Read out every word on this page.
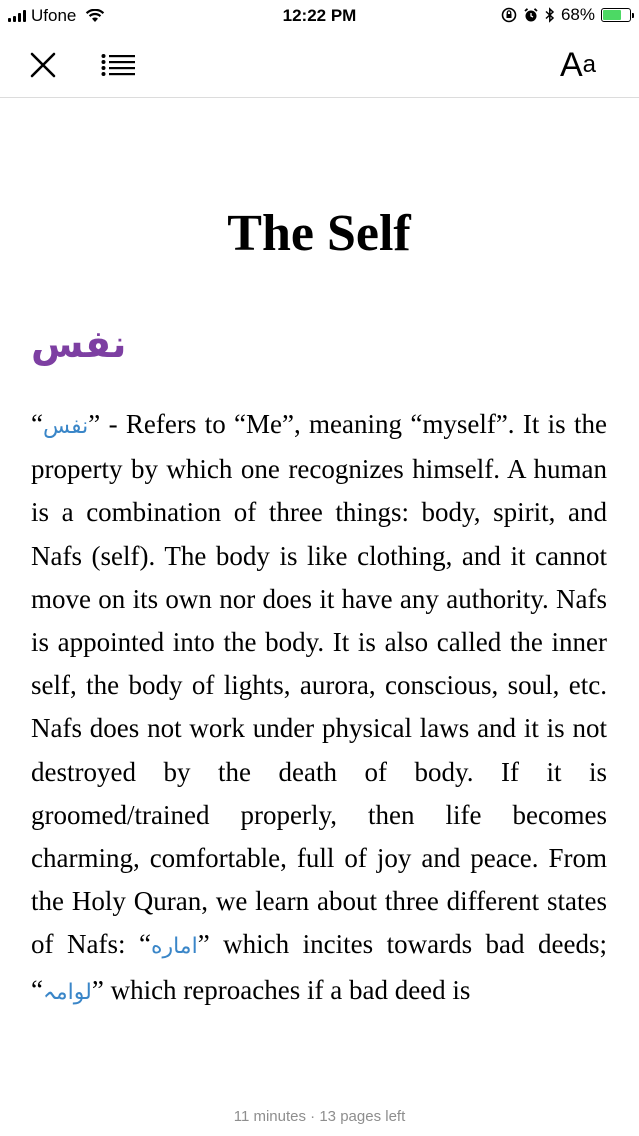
Ufone	12:22 PM	68%
A a
The Self
نفس

“نفس” - Refers to “Me”, meaning “myself”. It is the property by which one recognizes himself. A human is a combination of three things: body, spirit, and Nafs (self). The body is like clothing, and it cannot move on its own nor does it have any authority. Nafs is appointed into the body. It is also called the inner self, the body of lights, aurora, conscious, soul, etc. Nafs does not work under physical laws and it is not destroyed by the death of body. If it is groomed/trained properly, then life becomes charming, comfortable, full of joy and peace. From the Holy Quran, we learn about three different states of Nafs: “اماره” which incites towards bad deeds; “لوامہ” which reproaches if a bad deed is

11 minutes · 13 pages left
